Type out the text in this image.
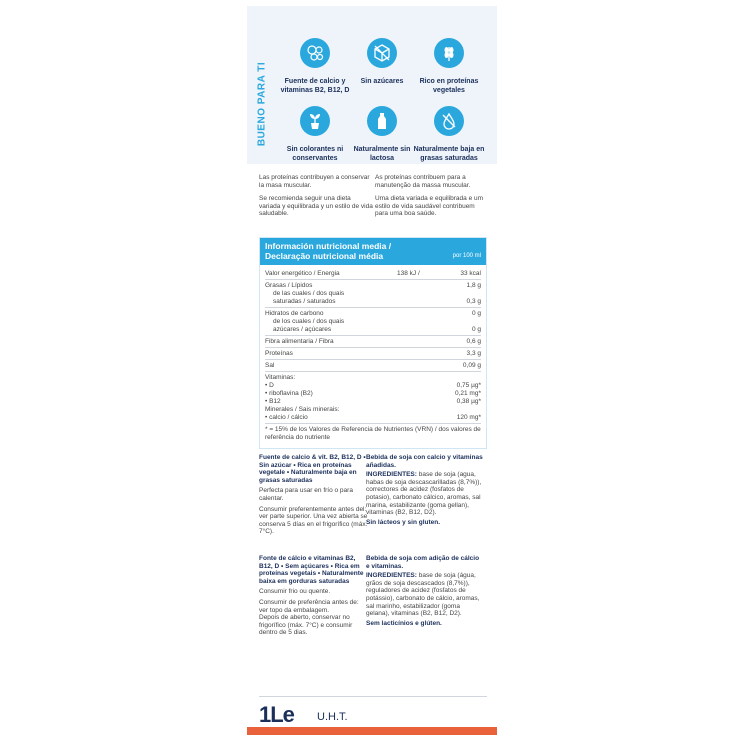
BUENO PARA TI	Fuente de calcio y vitaminas B2, B12, D
Sin azúcares	Rico en proteínas vegetales
Sin colorantes ni conservantes
Naturalmente sin lactosa
Naturalmente baja en grasas saturadas
Las proteínas contribuyen a conservar la masa muscular.
Se recomienda seguir una dieta variada y equilibrada y un estilo de vida saludable.
As proteínas contribuem para a manutenção da massa muscular.
Uma dieta variada e equilibrada e um estilo de vida saudável contribuem para uma boa saúde.
Información nutricional media /
Declaração nutricional média	por 100 ml
Valor energético / Energia	138 kJ /	33 kcal
Grasas / Lípidos	1,8 g
de las cuales / dos quais
saturadas / saturados	0,3 g
Hidratos de carbono	0 g
de los cuales / dos quais
azúcares / açúcares	0 g
Fibra alimentaria / Fibra	0,6 g
Proteínas	3,3 g
Sal	0,09 g
Vitaminas:
• D	0,75 µg*
• riboflavina (B2)	0,21 mg*
• B12	0,38 µg*
Minerales / Sais minerais:
• calcio / cálcio	120 mg*
* = 15% de los Valores de Referencia de Nutrientes (VRN) / dos valores de referência do nutriente
Fuente de calcio & vit. B2, B12, D • Sin azúcar • Rica en proteínas vegetale • Naturalmente baja en grasas saturadas
Perfecta para usar en frío o para calentar.
Consumir preferentemente antes del: ver parte superior. Una vez abierta se conserva 5 días en el frigorífico (máx. 7°C).
Bebida de soja con calcio y vitaminas añadidas.
INGREDIENTES: base de soja (agua, habas de soja descascarilladas (8,7%)), correctores de acidez (fosfatos de potasio), carbonato cálcico, aromas, sal marina, estabilizante (goma gellan), vitaminas (B2, B12, D2).
Sin lácteos y sin gluten.
Fonte de cálcio e vitaminas B2, B12, D • Sem açúcares • Rica em proteínas vegetais • Naturalmente baixa em gorduras saturadas
Consumir frio ou quente.
Consumir de preferência antes de: ver topo da embalagem.
Depois de aberto, conservar no frigorífico (máx. 7°C) e consumir dentro de 5 dias.
Bebida de soja com adição de cálcio e vitaminas.
INGREDIENTES: base de soja (água, grãos de soja descascados (8,7%)), reguladores de acidez (fosfatos de potássio), carbonato de cálcio, aromas, sal marinho, estabilizador (goma gelana), vitaminas (B2, B12, D2).
Sem lacticínios e glúten.
1Le U.H.T.
